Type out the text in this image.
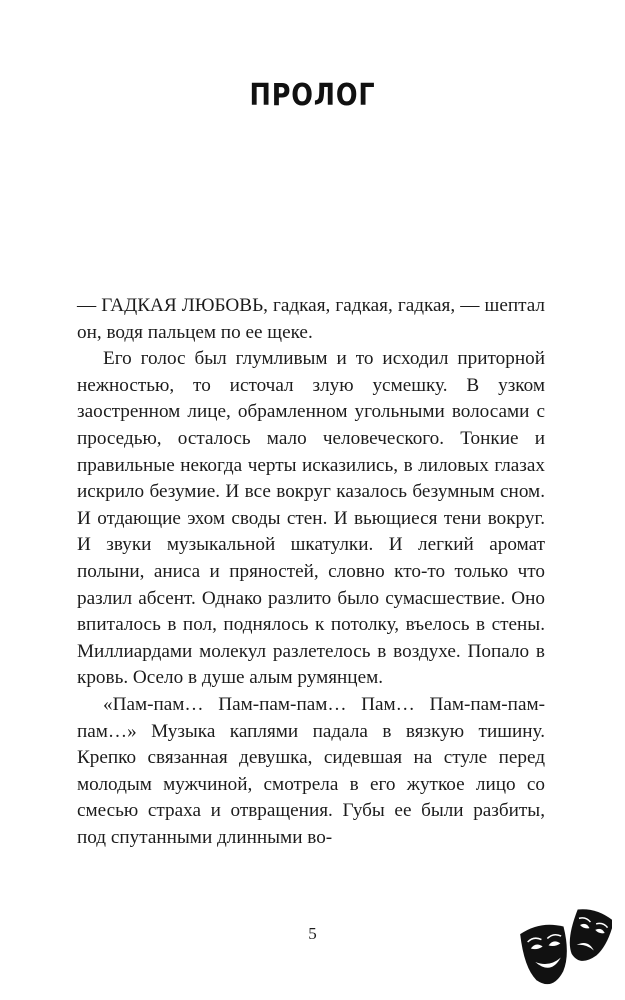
ПРОЛОГ

— ГАДКАЯ ЛЮБОВЬ, гадкая, гадкая, гадкая, — шептал он, водя пальцем по ее щеке.

Его голос был глумливым и то исходил приторной нежностью, то источал злую усмешку. В узком заостренном лице, обрамленном угольными волосами с проседью, осталось мало человеческого. Тонкие и правильные некогда черты исказились, в лиловых глазах искрило безумие. И все вокруг казалось безумным сном. И отдающие эхом своды стен. И вьющиеся тени вокруг. И звуки музыкальной шкатулки. И легкий аромат полыни, аниса и пряностей, словно кто-то только что разлил абсент. Однако разлито было сумасшествие. Оно впиталось в пол, поднялось к потолку, въелось в стены. Миллиардами молекул разлетелось в воздухе. Попало в кровь. Осело в душе алым румянцем.

«Пам-пам… Пам-пам-пам… Пам… Пам-пам-пам-пам…» Музыка каплями падала в вязкую тишину. Крепко связанная девушка, сидевшая на стуле перед молодым мужчиной, смотрела в его жуткое лицо со смесью страха и отвращения. Губы ее были разбиты, под спутанными длинными во-

5
